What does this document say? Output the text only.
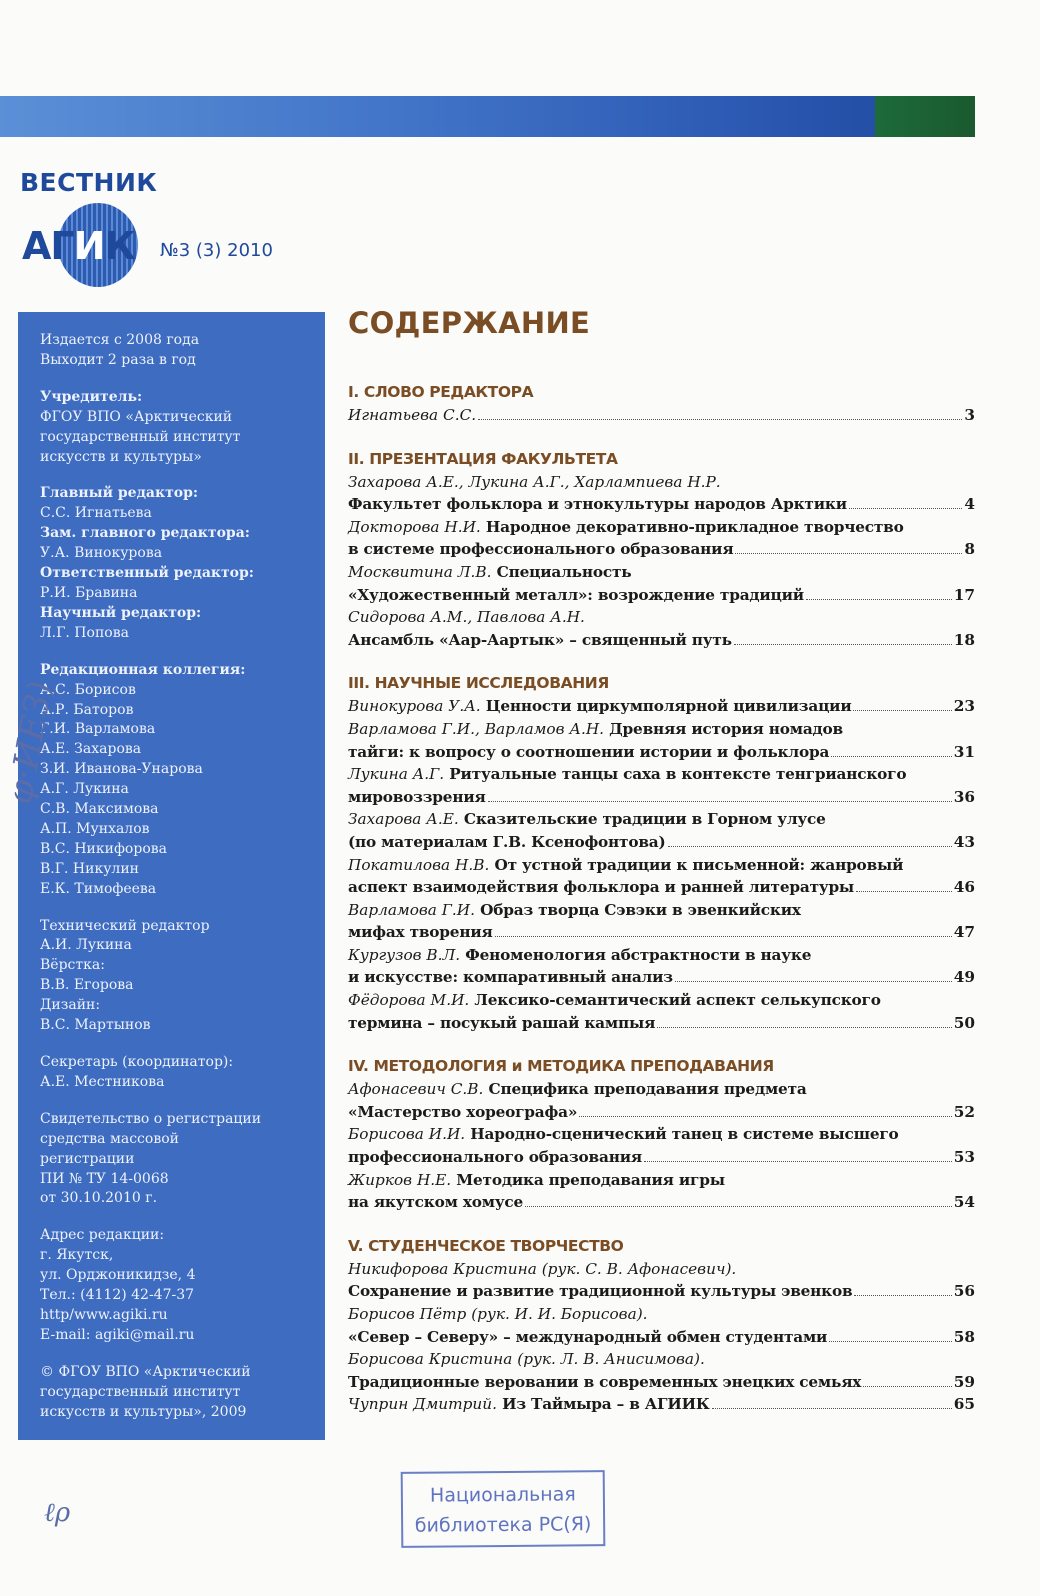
ВЕСТНИК
АГИК №3 (3) 2010
Издается с 2008 года
Выходит 2 раза в год
Учредитель:
ФГОУ ВПО «Арктический
государственный институт
искусств и культуры»
Главный редактор:
С.С. Игнатьева
Зам. главного редактора:
У.А. Винокурова
Ответственный редактор:
Р.И. Бравина
Научный редактор:
Л.Г. Попова
Редакционная коллегия:
А.С. Борисов
А.Р. Баторов
Г.И. Варламова
А.Е. Захарова
З.И. Иванова-Унарова
А.Г. Лукина
С.В. Максимова
А.П. Мунхалов
В.С. Никифорова
В.Г. Никулин
Е.К. Тимофеева
Технический редактор
А.И. Лукина
Вёрстка:
В.В. Егорова
Дизайн:
В.С. Мартынов
Секретарь (координатор):
А.Е. Местникова
Свидетельство о регистрации
средства массовой
регистрации
ПИ № ТУ 14-0068
от 30.10.2010 г.
Адрес редакции:
г. Якутск,
ул. Орджоникидзе, 4
Тел.: (4112) 42-47-37
http/www.agiki.ru
E-mail: agiki@mail.ru
© ФГОУ ВПО «Арктический
государственный институт
искусств и культуры», 2009
СОДЕРЖАНИЕ
I. СЛОВО РЕДАКТОРА
Игнатьева С.С.	3
II. ПРЕЗЕНТАЦИЯ ФАКУЛЬТЕТА
Захарова А.Е., Лукина А.Г., Харлампиева Н.Р.
Факультет фольклора и этнокультуры народов Арктики	4
Докторова Н.И. Народное декоративно-прикладное творчество
в системе профессионального образования	8
Москвитина Л.В. Специальность
«Художественный металл»: возрождение традиций	17
Сидорова А.М., Павлова А.Н.
Ансамбль «Аар-Аартык» – священный путь	18
III. НАУЧНЫЕ ИССЛЕДОВАНИЯ
Винокурова У.А. Ценности циркумполярной цивилизации	23
Варламова Г.И., Варламов А.Н. Древняя история номадов
тайги: к вопросу о соотношении истории и фольклора	31
Лукина А.Г. Ритуальные танцы саха в контексте тенгрианского
мировоззрения	36
Захарова А.Е. Сказительские традиции в Горном улусе
(по материалам Г.В. Ксенофонтова)	43
Покатилова Н.В. От устной традиции к письменной: жанровый
аспект взаимодействия фольклора и ранней литературы	46
Варламова Г.И. Образ творца Сэвэки в эвенкийских
мифах творения	47
Кургузов В.Л. Феноменология абстрактности в науке
и искусстве: компаративный анализ	49
Фёдорова М.И. Лексико-семантический аспект селькупского
термина – посукый рашай кампыя	50
IV. МЕТОДОЛОГИЯ и МЕТОДИКА ПРЕПОДАВАНИЯ
Афонасевич С.В. Специфика преподавания предмета
«Мастерство хореографа»	52
Борисова И.И. Народно-сценический танец в системе высшего
профессионального образования	53
Жирков Н.Е. Методика преподавания игры
на якутском хомусе	54
V. СТУДЕНЧЕСКОЕ ТВОРЧЕСТВО
Никифорова Кристина (рук. С. В. Афонасевич).
Сохранение и развитие традиционной культуры эвенков	56
Борисов Пётр (рук. И. И. Борисова).
«Север – Северу» – международный обмен студентами	58
Борисова Кристина (рук. Л. В. Анисимова).
Традиционные веровании в современных энецких семьях	59
Чуприн Дмитрий. Из Таймыра – в АГИИК	65
Национальная
библиотека РС(Я)
φ·ИЕЗ)
ℓρ
